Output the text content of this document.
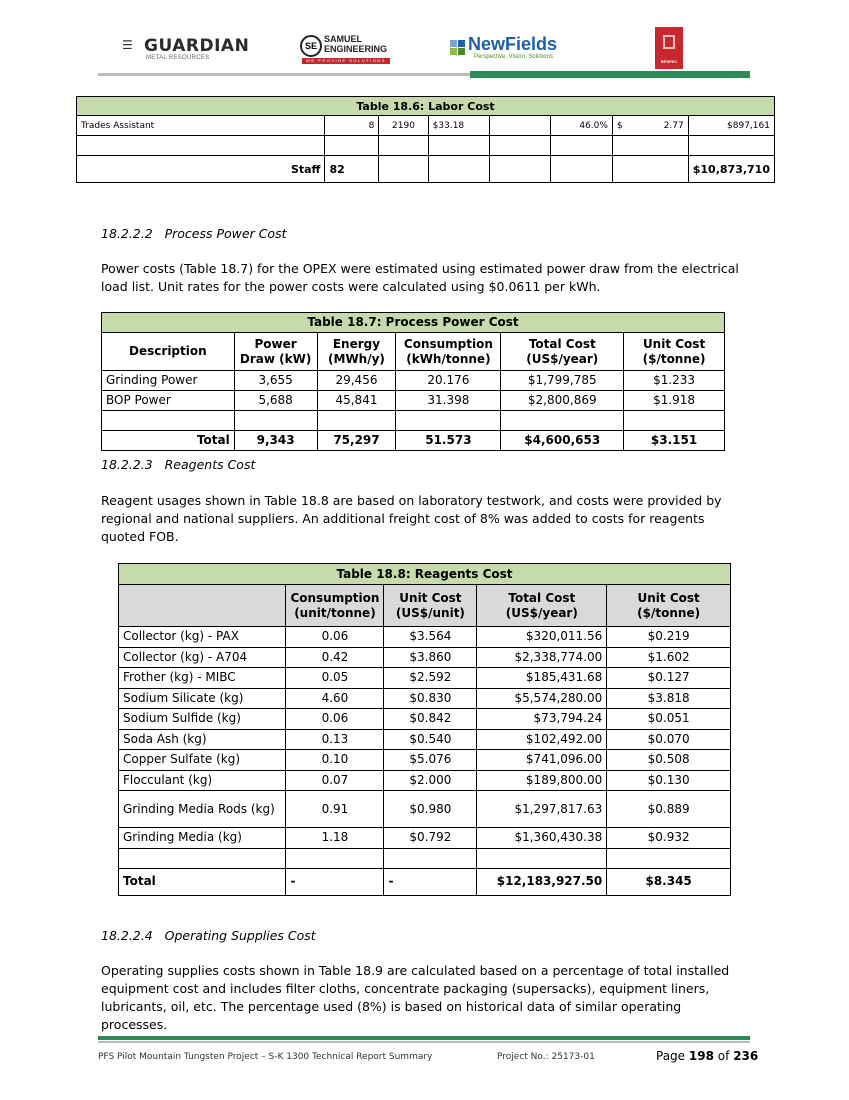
☰ GUARDIAN
METAL RESOURCES
SE
SAMUEL
ENGINEERING
WE PROVIDE SOLUTIONS
NewFields
Perspective. Vision. Solutions.
RESPEC
Table 18.6: Labor Cost								
Trades Assistant	8	2190	$33.18		46.0%	$	2.77	$897,161

Staff	82							$10,873,710
18.2.2.2   Process Power Cost
Power costs (Table 18.7) for the OPEX were estimated using estimated power draw from the electrical load list. Unit rates for the power costs were calculated using $0.0611 per kWh.
Table 18.7: Process Power Cost					
Description	Power Draw (kW)	Energy (MWh/y)	Consumption (kWh/tonne)	Total Cost (US$/year)	Unit Cost ($/tonne)
Grinding Power	3,655	29,456	20.176	$1,799,785	$1.233
BOP Power	5,688	45,841	31.398	$2,800,869	$1.918

Total	9,343	75,297	51.573	$4,600,653	$3.151
18.2.2.3   Reagents Cost
Reagent usages shown in Table 18.8 are based on laboratory testwork, and costs were provided by regional and national suppliers. An additional freight cost of 8% was added to costs for reagents quoted FOB.
Table 18.8: Reagents Cost				
	Consumption (unit/tonne)	Unit Cost (US$/unit)	Total Cost (US$/year)	Unit Cost ($/tonne)
Collector (kg) - PAX	0.06	$3.564	$320,011.56	$0.219
Collector (kg) - A704	0.42	$3.860	$2,338,774.00	$1.602
Frother (kg) - MIBC	0.05	$2.592	$185,431.68	$0.127
Sodium Silicate (kg)	4.60	$0.830	$5,574,280.00	$3.818
Sodium Sulfide (kg)	0.06	$0.842	$73,794.24	$0.051
Soda Ash (kg)	0.13	$0.540	$102,492.00	$0.070
Copper Sulfate (kg)	0.10	$5.076	$741,096.00	$0.508
Flocculant (kg)	0.07	$2.000	$189,800.00	$0.130
Grinding Media Rods (kg)	0.91	$0.980	$1,297,817.63	$0.889
Grinding Media (kg)	1.18	$0.792	$1,360,430.38	$0.932

Total	-	-	$12,183,927.50	$8.345
18.2.2.4   Operating Supplies Cost
Operating supplies costs shown in Table 18.9 are calculated based on a percentage of total installed equipment cost and includes filter cloths, concentrate packaging (supersacks), equipment liners, lubricants, oil, etc. The percentage used (8%) is based on historical data of similar operating processes.
PFS Pilot Mountain Tungsten Project – S-K 1300 Technical Report Summary	Project No.: 25173-01	Page 198 of 236
